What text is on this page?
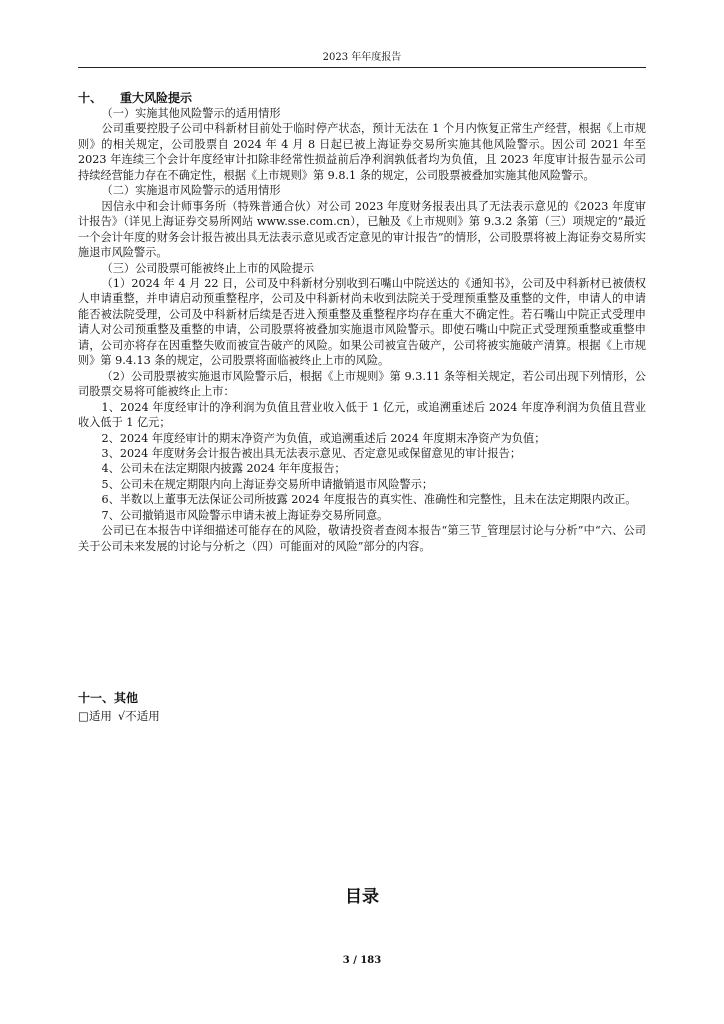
2023 年年度报告
十、 重大风险提示

（一）实施其他风险警示的适用情形

公司重要控股子公司中科新材目前处于临时停产状态，预计无法在 1 个月内恢复正常生产经营，根据《上市规则》的相关规定，公司股票自 2024 年 4 月 8 日起已被上海证券交易所实施其他风险警示。因公司 2021 年至 2023 年连续三个会计年度经审计扣除非经常性损益前后净利润孰低者均为负值，且 2023 年度审计报告显示公司持续经营能力存在不确定性，根据《上市规则》第 9.8.1 条的规定，公司股票被叠加实施其他风险警示。

（二）实施退市风险警示的适用情形

因信永中和会计师事务所（特殊普通合伙）对公司 2023 年度财务报表出具了无法表示意见的《2023 年度审计报告》（详见上海证券交易所网站 www.sse.com.cn），已触及《上市规则》第 9.3.2 条第（三）项规定的“最近一个会计年度的财务会计报告被出具无法表示意见或否定意见的审计报告”的情形，公司股票将被上海证券交易所实施退市风险警示。

（三）公司股票可能被终止上市的风险提示

（1）2024 年 4 月 22 日，公司及中科新材分别收到石嘴山中院送达的《通知书》，公司及中科新材已被债权人申请重整，并申请启动预重整程序，公司及中科新材尚未收到法院关于受理预重整及重整的文件，申请人的申请能否被法院受理，公司及中科新材后续是否进入预重整及重整程序均存在重大不确定性。若石嘴山中院正式受理申请人对公司预重整及重整的申请，公司股票将被叠加实施退市风险警示。即使石嘴山中院正式受理预重整或重整申请，公司亦将存在因重整失败而被宣告破产的风险。如果公司被宣告破产，公司将被实施破产清算。根据《上市规则》第 9.4.13 条的规定，公司股票将面临被终止上市的风险。

（2）公司股票被实施退市风险警示后，根据《上市规则》第 9.3.11 条等相关规定，若公司出现下列情形，公司股票交易将可能被终止上市：

1、2024 年度经审计的净利润为负值且营业收入低于 1 亿元，或追溯重述后 2024 年度净利润为负值且营业收入低于 1 亿元；

2、2024 年度经审计的期末净资产为负值，或追溯重述后 2024 年度期末净资产为负值；

3、2024 年度财务会计报告被出具无法表示意见、否定意见或保留意见的审计报告；

4、公司未在法定期限内披露 2024 年年度报告；

5、公司未在规定期限内向上海证券交易所申请撤销退市风险警示；

6、半数以上董事无法保证公司所披露 2024 年度报告的真实性、准确性和完整性，且未在法定期限内改正。

7、公司撤销退市风险警示申请未被上海证券交易所同意。

公司已在本报告中详细描述可能存在的风险，敬请投资者查阅本报告“第三节_管理层讨论与分析”中“六、公司关于公司未来发展的讨论与分析之（四）可能面对的风险”部分的内容。

十一、其他
□适用 √不适用
目录
3 / 183
